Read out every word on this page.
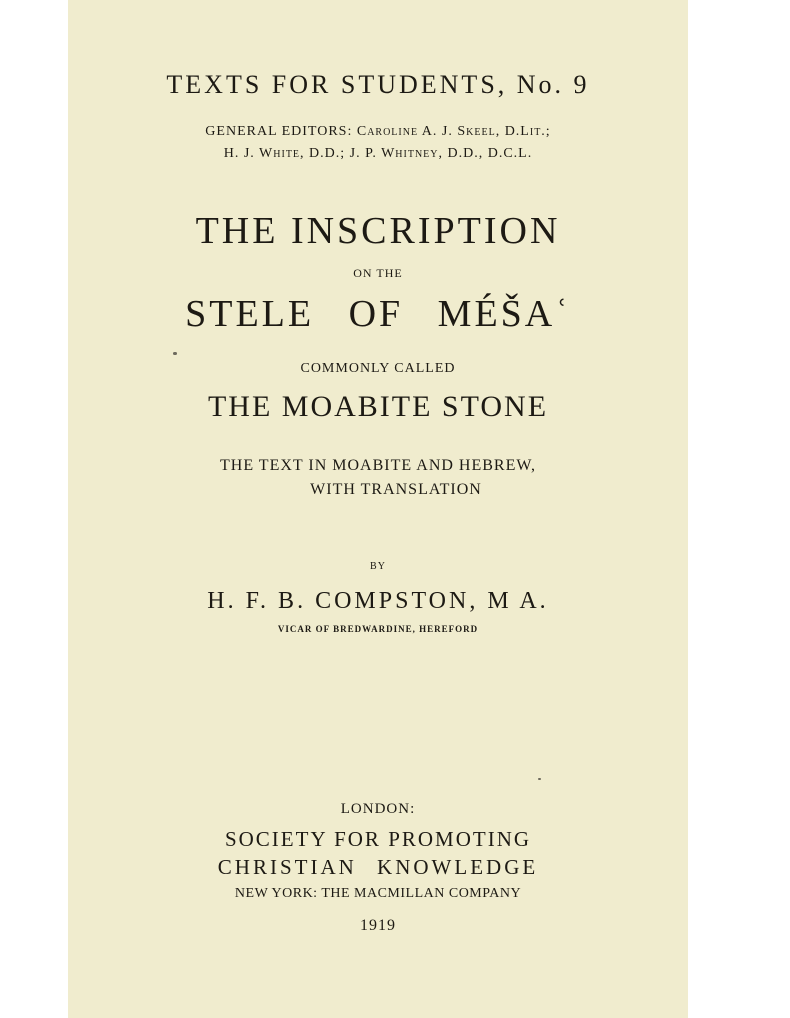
TEXTS FOR STUDENTS, No. 9
GENERAL EDITORS: Caroline A. J. Skeel, D.Lit.;
H. J. White, D.D.; J. P. Whitney, D.D., D.C.L.
THE INSCRIPTION
ON THE
STELE OF MÉŠAʿ
COMMONLY CALLED
THE MOABITE STONE
THE TEXT IN MOABITE AND HEBREW,
WITH TRANSLATION
BY
H. F. B. COMPSTON, M A.
VICAR OF BREDWARDINE, HEREFORD
LONDON:
SOCIETY FOR PROMOTING
CHRISTIAN KNOWLEDGE
NEW YORK: THE MACMILLAN COMPANY
1919
